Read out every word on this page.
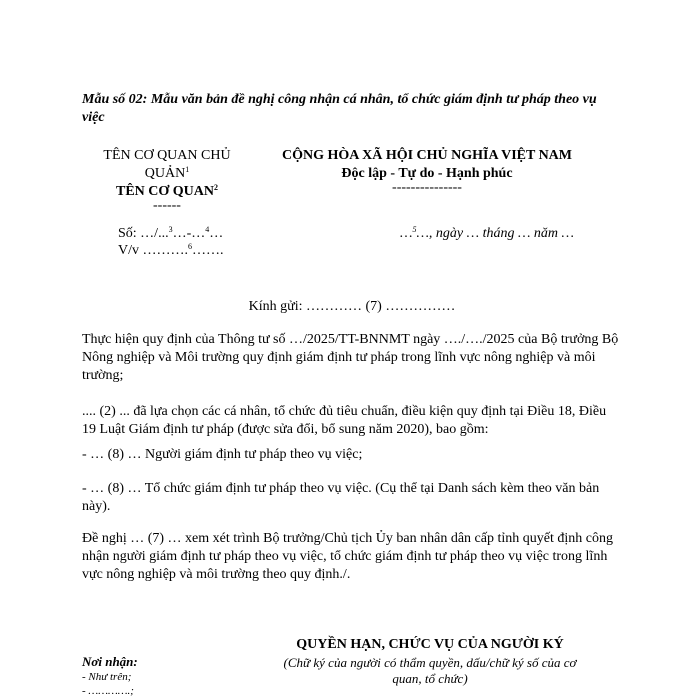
Mẫu số 02: Mẫu văn bản đề nghị công nhận cá nhân, tổ chức giám định tư pháp theo vụ việc
TÊN CƠ QUAN CHỦ QUẢN$^1$
TÊN CƠ QUAN$^2$
------
Số: …/...$^3$…-…$^4$…
V/v ……….$^6$…….
CỘNG HÒA XÃ HỘI CHỦ NGHĨA VIỆT NAM
Độc lập - Tự do - Hạnh phúc
---------------
…$^5$…, ngày … tháng … năm …
Kính gửi: ………… (7) ……………
Thực hiện quy định của Thông tư số …/2025/TT-BNNMT ngày …./…./2025 của Bộ trưởng Bộ Nông nghiệp và Môi trường quy định giám định tư pháp trong lĩnh vực nông nghiệp và môi trường;
.... (2) ... đã lựa chọn các cá nhân, tổ chức đủ tiêu chuẩn, điều kiện quy định tại Điều 18, Điều 19 Luật Giám định tư pháp (được sửa đổi, bổ sung năm 2020), bao gồm:
- … (8) … Người giám định tư pháp theo vụ việc;
- … (8) … Tổ chức giám định tư pháp theo vụ việc. (Cụ thể tại Danh sách kèm theo văn bản này).
Đề nghị … (7) … xem xét trình Bộ trưởng/Chủ tịch Ủy ban nhân dân cấp tỉnh quyết định công nhận người giám định tư pháp theo vụ việc, tổ chức giám định tư pháp theo vụ việc trong lĩnh vực nông nghiệp và môi trường theo quy định./.
Nơi nhận:
- Như trên;
- ………….;
QUYỀN HẠN, CHỨC VỤ CỦA NGƯỜI KÝ
(Chữ ký của người có thẩm quyền, dấu/chữ ký số của cơ quan, tổ chức)
